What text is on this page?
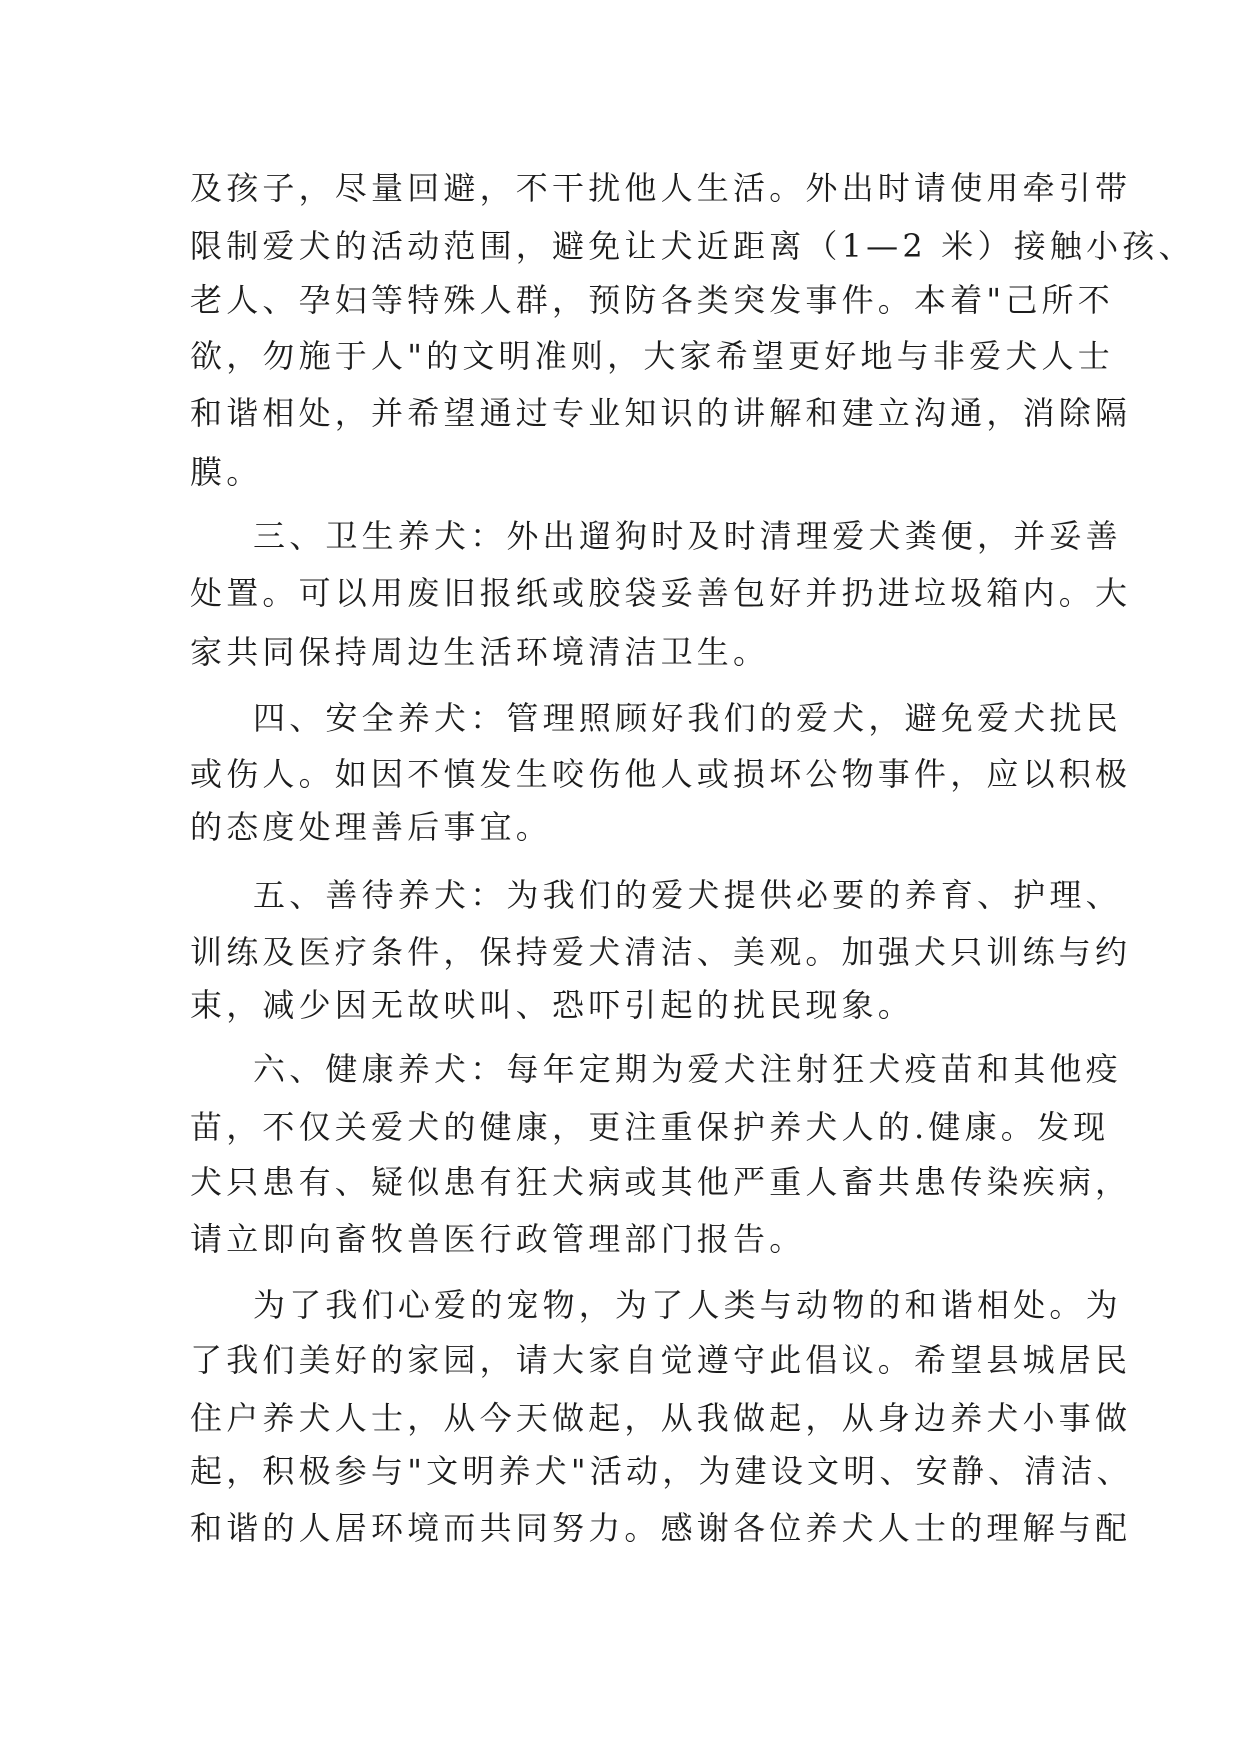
及孩子，尽量回避，不干扰他人生活。外出时请使用牵引带

限制爱犬的活动范围，避免让犬近距离（1—2 米）接触小孩、

老人、孕妇等特殊人群，预防各类突发事件。本着"己所不

欲，勿施于人"的文明准则，大家希望更好地与非爱犬人士

和谐相处，并希望通过专业知识的讲解和建立沟通，消除隔

膜。

三、卫生养犬：外出遛狗时及时清理爱犬粪便，并妥善

处置。可以用废旧报纸或胶袋妥善包好并扔进垃圾箱内。大

家共同保持周边生活环境清洁卫生。

四、安全养犬：管理照顾好我们的爱犬，避免爱犬扰民

或伤人。如因不慎发生咬伤他人或损坏公物事件，应以积极

的态度处理善后事宜。

五、善待养犬：为我们的爱犬提供必要的养育、护理、

训练及医疗条件，保持爱犬清洁、美观。加强犬只训练与约

束，减少因无故吠叫、恐吓引起的扰民现象。

六、健康养犬：每年定期为爱犬注射狂犬疫苗和其他疫

苗，不仅关爱犬的健康，更注重保护养犬人的.健康。发现

犬只患有、疑似患有狂犬病或其他严重人畜共患传染疾病，

请立即向畜牧兽医行政管理部门报告。

为了我们心爱的宠物，为了人类与动物的和谐相处。为

了我们美好的家园，请大家自觉遵守此倡议。希望县城居民

住户养犬人士，从今天做起，从我做起，从身边养犬小事做

起，积极参与"文明养犬"活动，为建设文明、安静、清洁、

和谐的人居环境而共同努力。感谢各位养犬人士的理解与配
